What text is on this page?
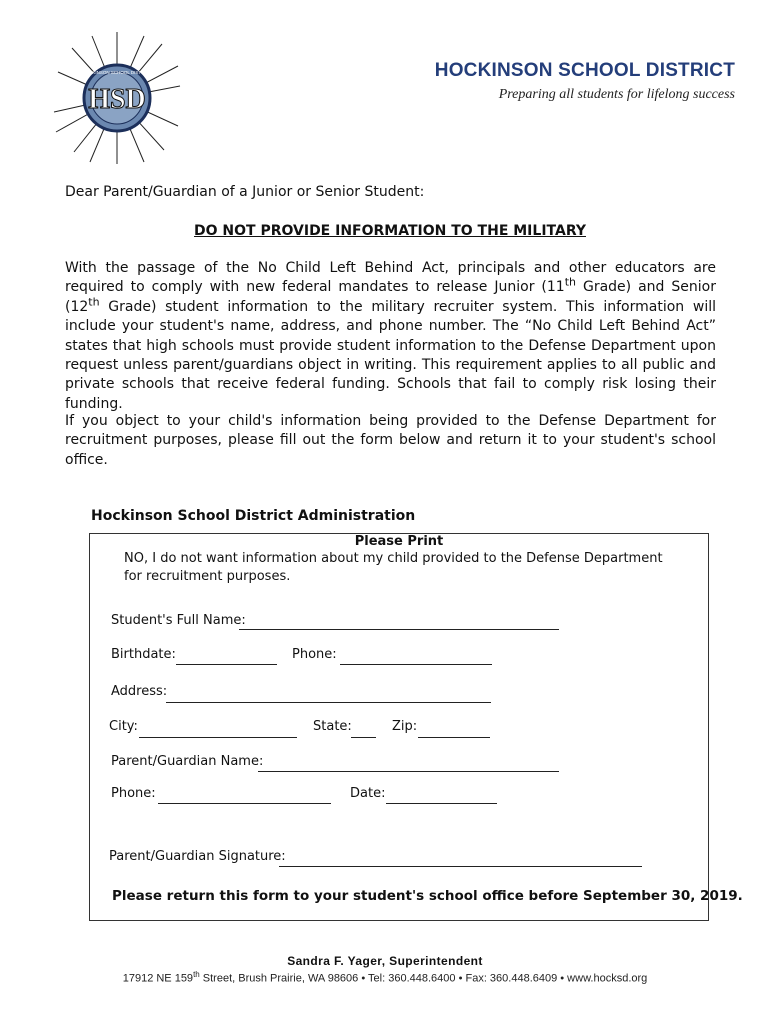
HSD
HOCKINSON SCHOOL DISTRICT	HOCKINSON SCHOOL DISTRICT
Preparing all students for lifelong success
Dear Parent/Guardian of a Junior or Senior Student:
DO NOT PROVIDE INFORMATION TO THE MILITARY

With the passage of the No Child Left Behind Act, principals and other educators are required to comply with new federal mandates to release Junior (11th Grade) and Senior (12th Grade) student information to the military recruiter system. This information will include your student's name, address, and phone number. The “No Child Left Behind Act” states that high schools must provide student information to the Defense Department upon request unless parent/guardians object in writing. This requirement applies to all public and private schools that receive federal funding. Schools that fail to comply risk losing their funding.

If you object to your child's information being provided to the Defense Department for recruitment purposes, please fill out the form below and return it to your student's school office.

Hockinson School District Administration
Please Print
NO, I do not want information about my child provided to the Defense Department for recruitment purposes.
Student's Full Name:
Birthdate:	Phone:
Address:
City:	State:	Zip:
Parent/Guardian Name:
Phone:	Date:
Parent/Guardian Signature:
Please return this form to your student's school office before September 30, 2019.
Sandra F. Yager, Superintendent
17912 NE 159th Street, Brush Prairie, WA 98606 • Tel: 360.448.6400 • Fax: 360.448.6409 • www.hocksd.org
